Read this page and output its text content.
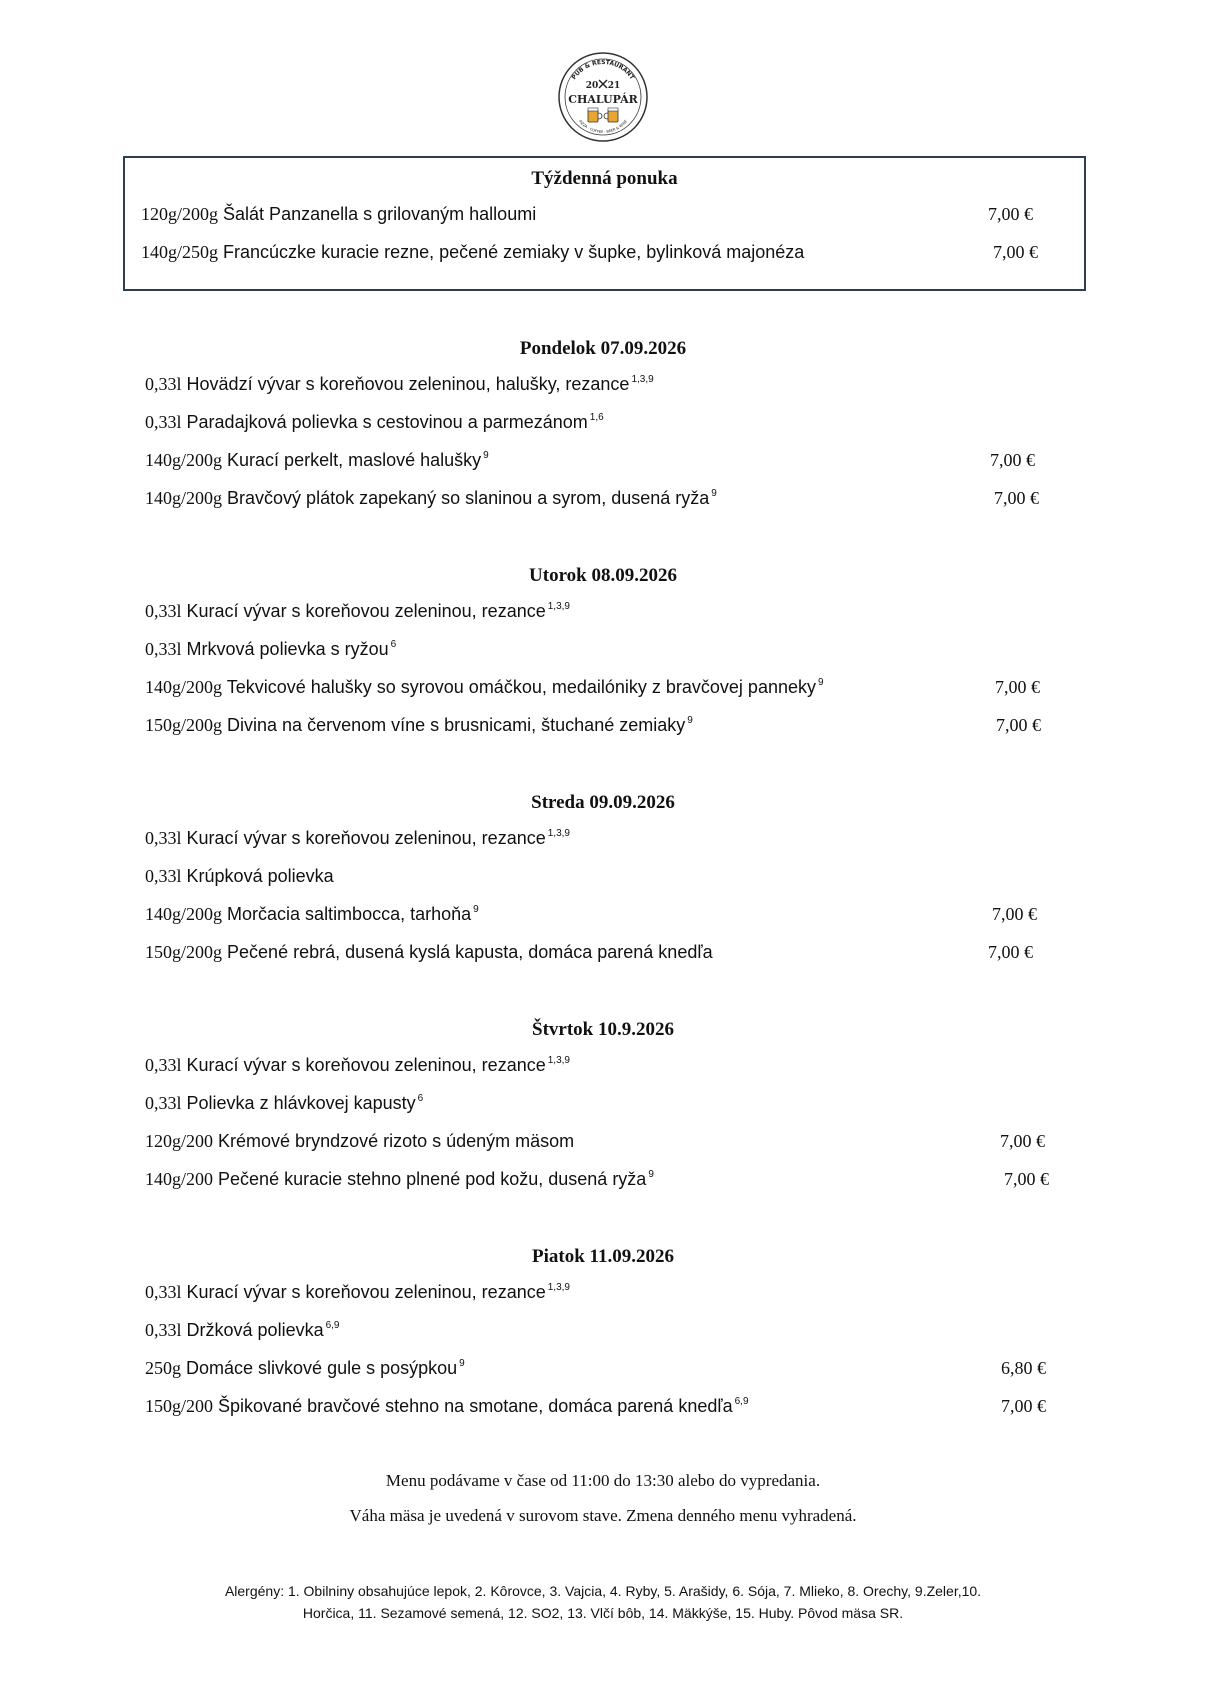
PUB & RESTAURANT
20 21
CHALUPÁR
PIZZA · COFFEE · BEER & WINE
Týždenná ponuka
120g/200g Šalát Panzanella s grilovaným halloumi	7,00 €
140g/250g Francúczke kuracie rezne, pečené zemiaky v šupke, bylinková majonéza	7,00 €
Pondelok 07.09.2026
0,33l Hovädzí vývar s koreňovou zeleninou, halušky, rezance $^{1,3,9}$
0,33l Paradajková polievka s cestovinou a parmezánom $^{1,6}$
140g/200g Kurací perkelt, maslové halušky $^9$	7,00 €
140g/200g Bravčový plátok zapekaný so slaninou a syrom, dusená ryža $^9$	7,00 €
Utorok 08.09.2026
0,33l Kurací vývar s koreňovou zeleninou, rezance $^{1,3,9}$
0,33l Mrkvová polievka s ryžou $^6$
140g/200g Tekvicové halušky so syrovou omáčkou, medailóniky z bravčovej panneky $^9$	7,00 €
150g/200g Divina na červenom víne s brusnicami, štuchané zemiaky $^9$	7,00 €
Streda 09.09.2026
0,33l Kurací vývar s koreňovou zeleninou, rezance $^{1,3,9}$
0,33l Krúpková polievka
140g/200g Morčacia saltimbocca, tarhoňa $^9$	7,00 €
150g/200g Pečené rebrá, dusená kyslá kapusta, domáca parená knedľa	7,00 €
Štvrtok 10.9.2026
0,33l Kurací vývar s koreňovou zeleninou, rezance $^{1,3,9}$
0,33l Polievka z hlávkovej kapusty $^6$
120g/200 Krémové bryndzové rizoto s údeným mäsom	7,00 €
140g/200 Pečené kuracie stehno plnené pod kožu, dusená ryža $^9$	7,00 €
Piatok 11.09.2026
0,33l Kurací vývar s koreňovou zeleninou, rezance $^{1,3,9}$
0,33l Držková polievka $^{6,9}$
250g Domáce slivkové gule s posýpkou $^9$	6,80 €
150g/200 Špikované bravčové stehno na smotane, domáca parená knedľa $^{6,9}$	7,00 €
Menu podávame v čase od 11:00 do 13:30 alebo do vypredania.
Váha mäsa je uvedená v surovom stave. Zmena denného menu vyhradená.
Alergény: 1. Obilniny obsahujúce lepok, 2. Kôrovce, 3. Vajcia, 4. Ryby, 5. Arašidy, 6. Sója, 7. Mlieko, 8. Orechy, 9.Zeler,10.
Horčica, 11. Sezamové semená, 12. SO2, 13. Vlčí bôb, 14. Mäkkýše, 15. Huby. Pôvod mäsa SR.
